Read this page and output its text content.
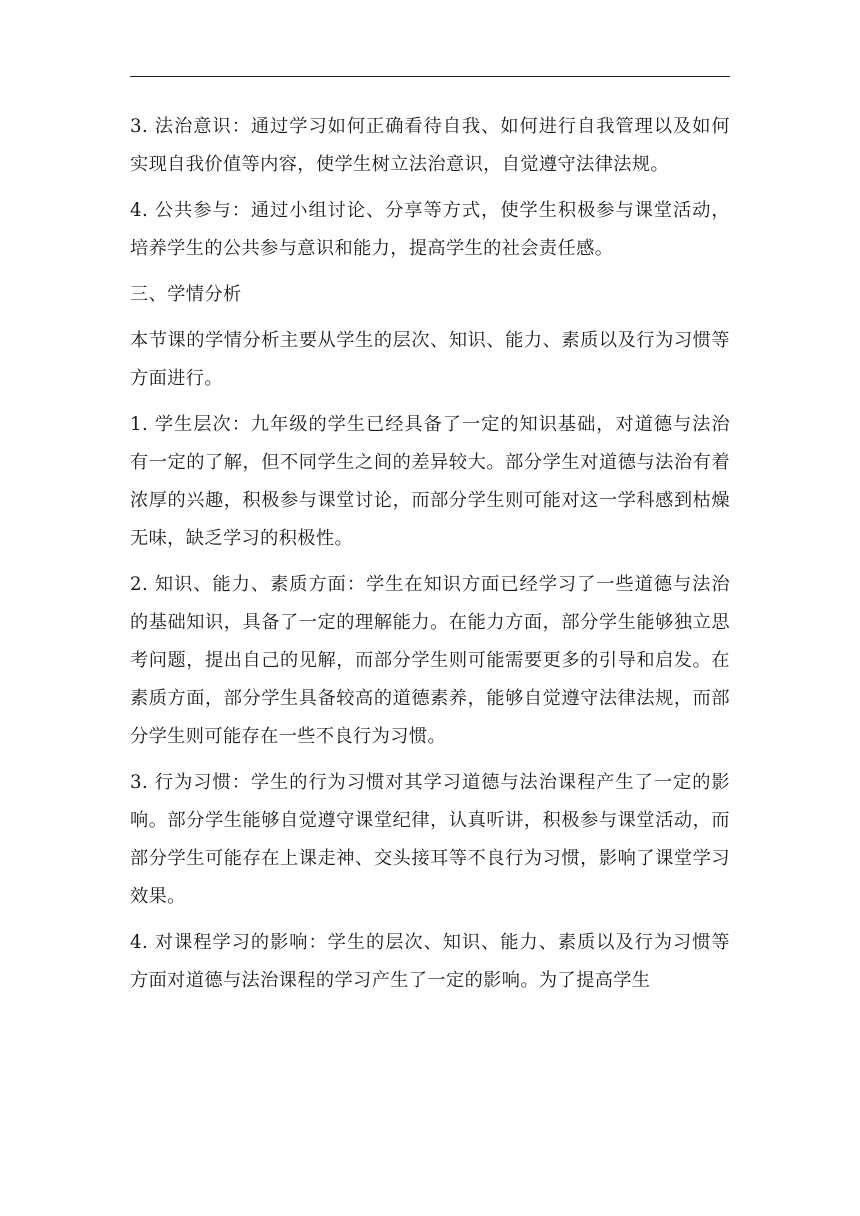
3. 法治意识：通过学习如何正确看待自我、如何进行自我管理以及如何实现自我价值等内容，使学生树立法治意识，自觉遵守法律法规。

4. 公共参与：通过小组讨论、分享等方式，使学生积极参与课堂活动，培养学生的公共参与意识和能力，提高学生的社会责任感。

三、学情分析

本节课的学情分析主要从学生的层次、知识、能力、素质以及行为习惯等方面进行。

1. 学生层次：九年级的学生已经具备了一定的知识基础，对道德与法治有一定的了解，但不同学生之间的差异较大。部分学生对道德与法治有着浓厚的兴趣，积极参与课堂讨论，而部分学生则可能对这一学科感到枯燥无味，缺乏学习的积极性。

2. 知识、能力、素质方面：学生在知识方面已经学习了一些道德与法治的基础知识，具备了一定的理解能力。在能力方面，部分学生能够独立思考问题，提出自己的见解，而部分学生则可能需要更多的引导和启发。在素质方面，部分学生具备较高的道德素养，能够自觉遵守法律法规，而部分学生则可能存在一些不良行为习惯。

3. 行为习惯：学生的行为习惯对其学习道德与法治课程产生了一定的影响。部分学生能够自觉遵守课堂纪律，认真听讲，积极参与课堂活动，而部分学生可能存在上课走神、交头接耳等不良行为习惯，影响了课堂学习效果。

4. 对课程学习的影响：学生的层次、知识、能力、素质以及行为习惯等方面对道德与法治课程的学习产生了一定的影响。为了提高学生
